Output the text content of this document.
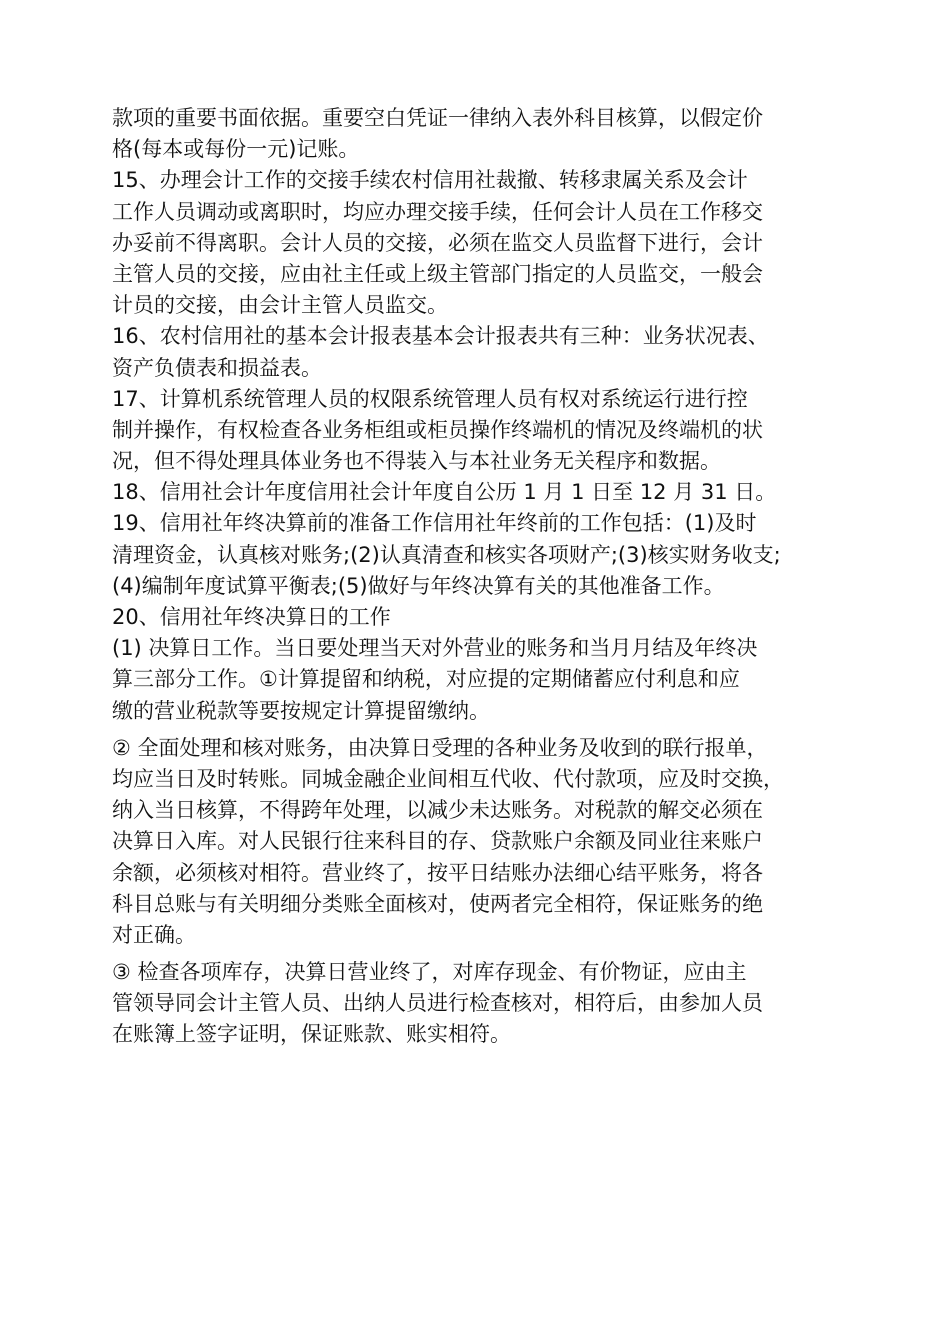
款项的重要书面依据。重要空白凭证一律纳入表外科目核算，以假定价
格(每本或每份一元)记账。
15、办理会计工作的交接手续农村信用社裁撤、转移隶属关系及会计
工作人员调动或离职时，均应办理交接手续，任何会计人员在工作移交
办妥前不得离职。会计人员的交接，必须在监交人员监督下进行，会计
主管人员的交接，应由社主任或上级主管部门指定的人员监交，一般会
计员的交接，由会计主管人员监交。
16、农村信用社的基本会计报表基本会计报表共有三种：业务状况表、
资产负债表和损益表。
17、计算机系统管理人员的权限系统管理人员有权对系统运行进行控
制并操作，有权检查各业务柜组或柜员操作终端机的情况及终端机的状
况，但不得处理具体业务也不得装入与本社业务无关程序和数据。
18、信用社会计年度信用社会计年度自公历 1 月 1 日至 12 月 31 日。
19、信用社年终决算前的准备工作信用社年终前的工作包括：(1)及时
清理资金，认真核对账务;(2)认真清查和核实各项财产;(3)核实财务收支;
(4)编制年度试算平衡表;(5)做好与年终决算有关的其他准备工作。
20、信用社年终决算日的工作
(1) 决算日工作。当日要处理当天对外营业的账务和当月月结及年终决
算三部分工作。①计算提留和纳税，对应提的定期储蓄应付利息和应
缴的营业税款等要按规定计算提留缴纳。
② 全面处理和核对账务，由决算日受理的各种业务及收到的联行报单，
均应当日及时转账。同城金融企业间相互代收、代付款项，应及时交换，
纳入当日核算，不得跨年处理，以减少未达账务。对税款的解交必须在
决算日入库。对人民银行往来科目的存、贷款账户余额及同业往来账户
余额，必须核对相符。营业终了，按平日结账办法细心结平账务，将各
科目总账与有关明细分类账全面核对，使两者完全相符，保证账务的绝
对正确。
③ 检查各项库存，决算日营业终了，对库存现金、有价物证，应由主
管领导同会计主管人员、出纳人员进行检查核对，相符后，由参加人员
在账簿上签字证明，保证账款、账实相符。
